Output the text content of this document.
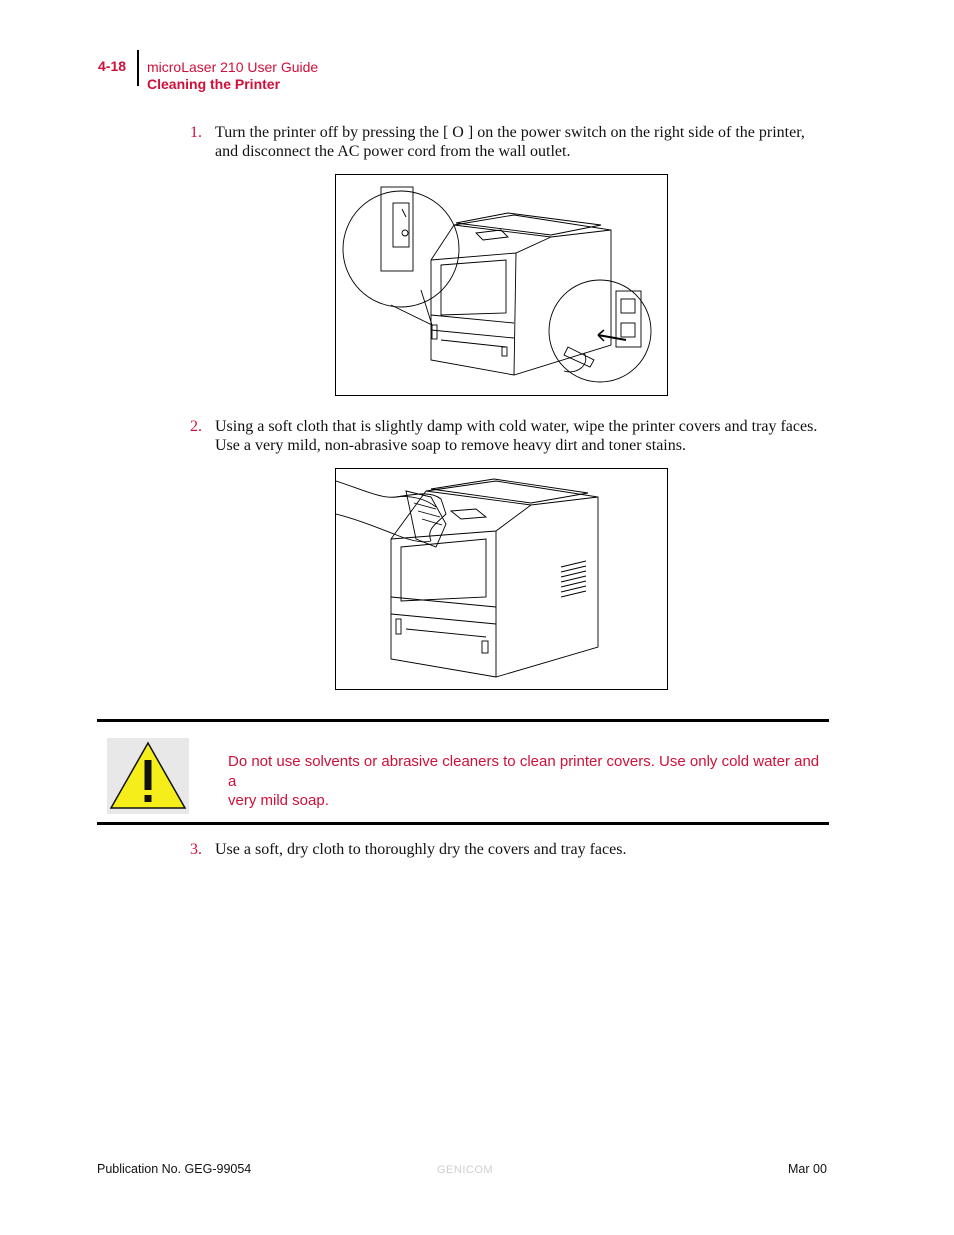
4-18 microLaser 210 User Guide
Cleaning the Printer
1. Turn the printer off by pressing the [ O ] on the power switch on the right side of the printer,
and disconnect the AC power cord from the wall outlet.
2. Using a soft cloth that is slightly damp with cold water, wipe the printer covers and tray faces.
Use a very mild, non-abrasive soap to remove heavy dirt and toner stains.
Do not use solvents or abrasive cleaners to clean printer covers. Use only cold water and a
very mild soap.
3. Use a soft, dry cloth to thoroughly dry the covers and tray faces.
Publication No. GEG-99054	GENICOM	Mar 00
